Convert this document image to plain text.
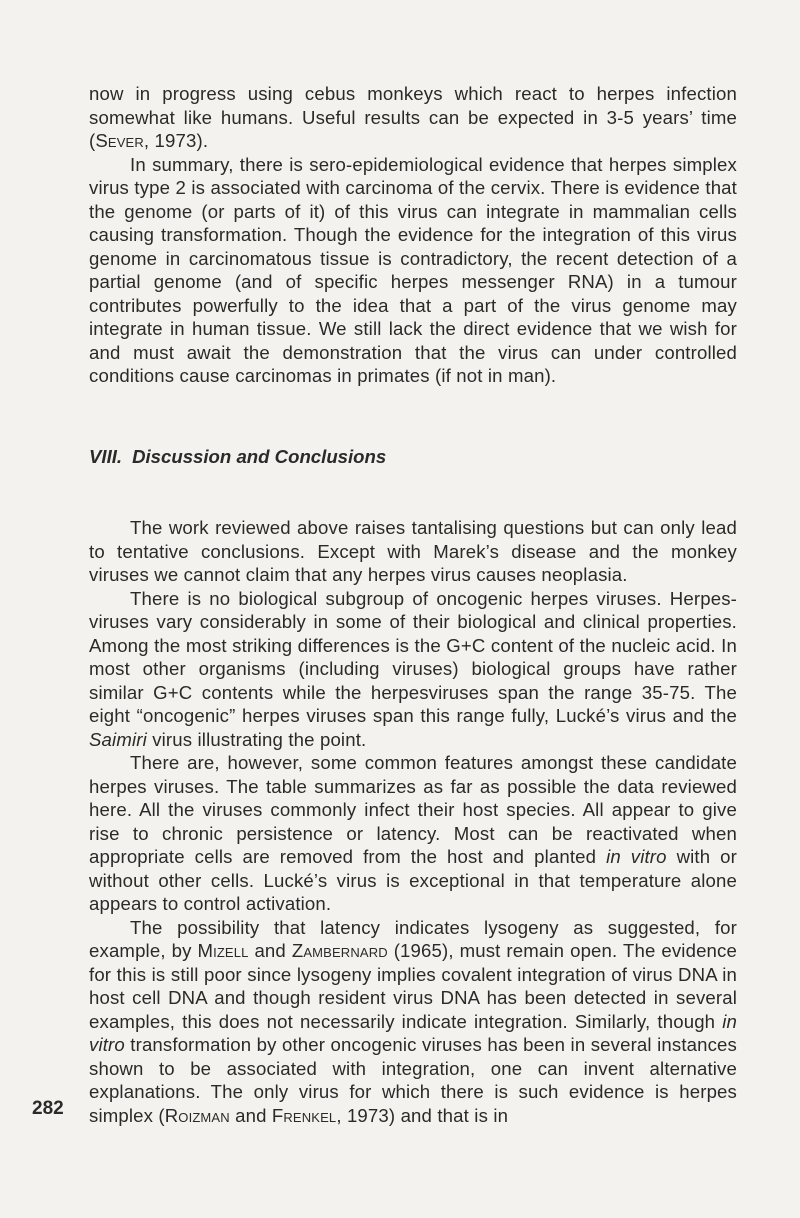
now in progress using cebus monkeys which react to herpes infection somewhat like humans. Useful results can be expected in 3-5 years’ time (Sever, 1973).

In summary, there is sero-epidemiological evidence that herpes simplex virus type 2 is associated with carcinoma of the cervix. There is evidence that the genome (or parts of it) of this virus can integrate in mammalian cells causing transformation. Though the evidence for the integration of this virus genome in carcinomatous tissue is contradictory, the recent detection of a partial genome (and of specific herpes messenger RNA) in a tumour contributes powerfully to the idea that a part of the virus genome may integrate in human tissue. We still lack the direct evidence that we wish for and must await the demonstration that the virus can under controlled conditions cause carcinomas in primates (if not in man).

VIII. Discussion and Conclusions

The work reviewed above raises tantalising questions but can only lead to tentative conclusions. Except with Marek’s disease and the monkey viruses we cannot claim that any herpes virus causes neoplasia.

There is no biological subgroup of oncogenic herpes viruses. Herpes-viruses vary considerably in some of their biological and clinical properties. Among the most striking differences is the G+C content of the nucleic acid. In most other organisms (including viruses) biological groups have rather similar G+C contents while the herpesviruses span the range 35-75. The eight “oncogenic” herpes viruses span this range fully, Lucké’s virus and the Saimiri virus illustrating the point.

There are, however, some common features amongst these candidate herpes viruses. The table summarizes as far as possible the data reviewed here. All the viruses commonly infect their host species. All appear to give rise to chronic persistence or latency. Most can be reactivated when appropriate cells are removed from the host and planted in vitro with or without other cells. Lucké’s virus is exceptional in that temperature alone appears to control activation.

The possibility that latency indicates lysogeny as suggested, for example, by Mizell and Zambernard (1965), must remain open. The evidence for this is still poor since lysogeny implies covalent integration of virus DNA in host cell DNA and though resident virus DNA has been detected in several examples, this does not necessarily indicate integration. Similarly, though in vitro transformation by other oncogenic viruses has been in several instances shown to be associated with integration, one can invent alternative explanations. The only virus for which there is such evidence is herpes simplex (Roizman and Frenkel, 1973) and that is in

282
